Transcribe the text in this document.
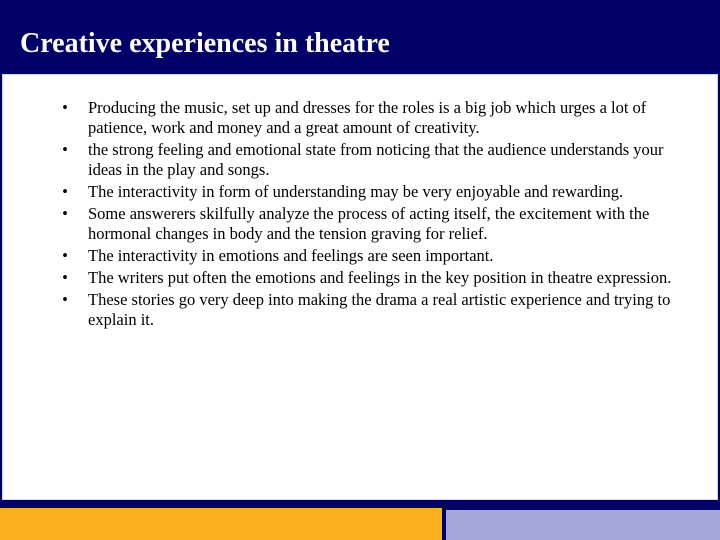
Creative experiences in theatre
• Producing the music, set up and dresses for the roles is a big job which urges a lot of patience, work and money and a great amount of creativity.
• the strong feeling and emotional state from noticing that the audience understands your ideas in the play and songs.
• The interactivity in form of understanding may be very enjoyable and rewarding.
• Some answerers skilfully analyze the process of acting itself, the excitement with the hormonal changes in body and the tension graving for relief.
• The interactivity in emotions and feelings are seen important.
• The writers put often the emotions and feelings in the key position in theatre expression.
• These stories go very deep into making the drama a real artistic experience and trying to explain it.
